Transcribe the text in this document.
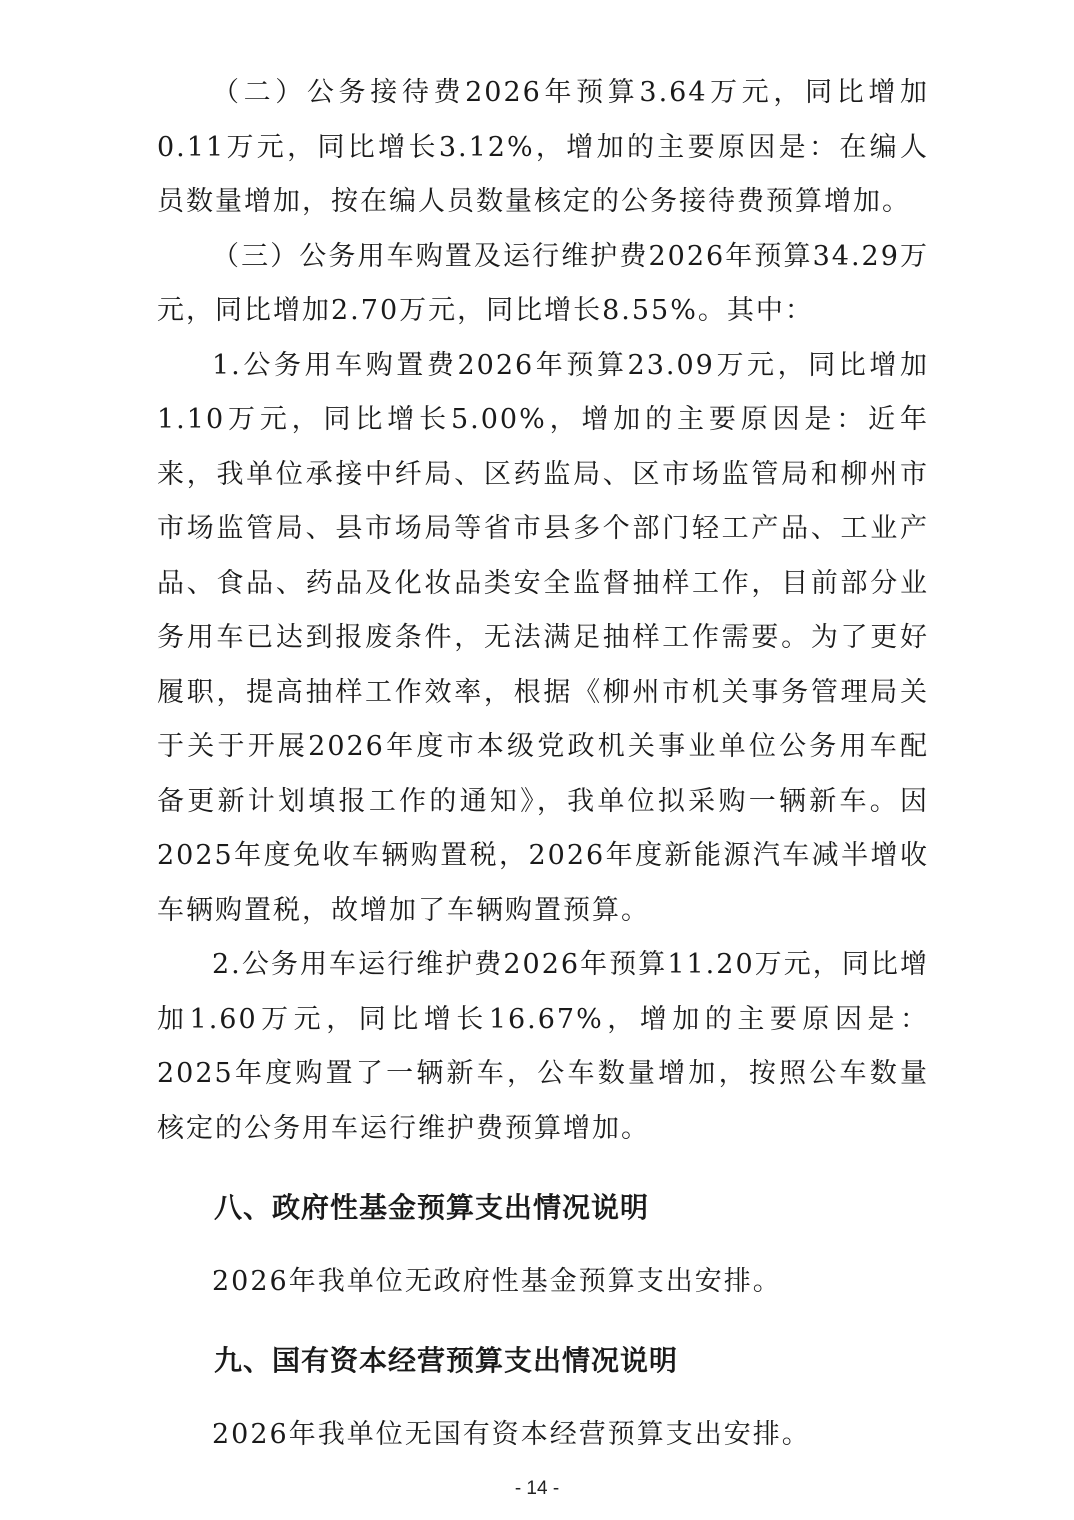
（二）公务接待费2026年预算3.64万元，同比增加0.11万元，同比增长3.12%，增加的主要原因是：在编人员数量增加，按在编人员数量核定的公务接待费预算增加。

（三）公务用车购置及运行维护费2026年预算34.29万元，同比增加2.70万元，同比增长8.55%。其中：

1.公务用车购置费2026年预算23.09万元，同比增加1.10万元，同比增长5.00%，增加的主要原因是：近年来，我单位承接中纤局、区药监局、区市场监管局和柳州市市场监管局、县市场局等省市县多个部门轻工产品、工业产品、食品、药品及化妆品类安全监督抽样工作，目前部分业务用车已达到报废条件，无法满足抽样工作需要。为了更好履职，提高抽样工作效率，根据《柳州市机关事务管理局关于关于开展2026年度市本级党政机关事业单位公务用车配备更新计划填报工作的通知》，我单位拟采购一辆新车。因2025年度免收车辆购置税，2026年度新能源汽车减半增收车辆购置税，故增加了车辆购置预算。

2.公务用车运行维护费2026年预算11.20万元，同比增加1.60万元，同比增长16.67%，增加的主要原因是：2025年度购置了一辆新车，公车数量增加，按照公车数量核定的公务用车运行维护费预算增加。

八、政府性基金预算支出情况说明

2026年我单位无政府性基金预算支出安排。

九、国有资本经营预算支出情况说明

2026年我单位无国有资本经营预算支出安排。

- 14 -
